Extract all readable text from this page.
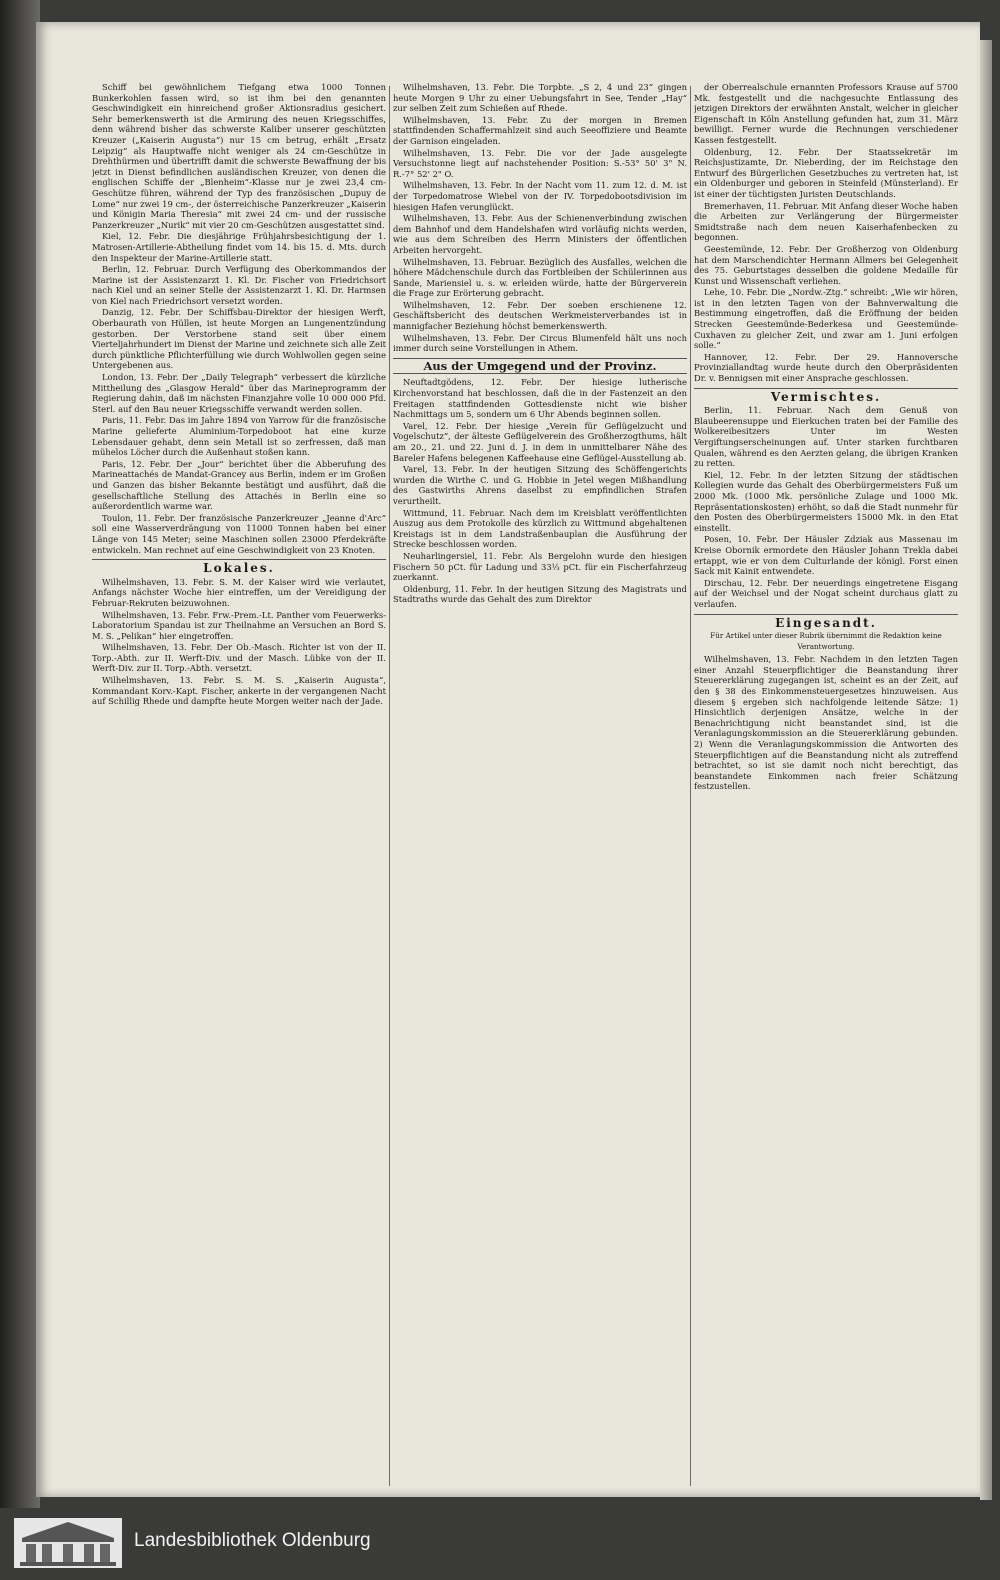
Schiff bei gewöhnlichem Tiefgang etwa 1000 Tonnen Bunkerkohlen fassen wird, so ist ihm bei den genannten Geschwindigkeit ein hinreichend großer Aktionsradius gesichert. Sehr bemerkenswerth ist die Armirung des neuen Kriegsschiffes, denn während bisher das schwerste Kaliber unserer geschützten Kreuzer („Kaiserin Augusta“) nur 15 cm betrug, erhält „Ersatz Leipzig“ als Hauptwaffe nicht weniger als 24 cm-Geschütze in Drehthürmen und übertrifft damit die schwerste Bewaffnung der bis jetzt in Dienst befindlichen ausländischen Kreuzer, von denen die englischen Schiffe der „Blenheim“-Klasse nur je zwei 23,4 cm-Geschütze führen, während der Typ des französischen „Dupuy de Lome“ nur zwei 19 cm-, der österreichische Panzerkreuzer „Kaiserin und Königin Maria Theresia“ mit zwei 24 cm- und der russische Panzerkreuzer „Nurik“ mit vier 20 cm-Geschützen ausgestattet sind.

Kiel, 12. Febr. Die diesjährige Frühjahrsbesichtigung der 1. Matrosen-Artillerie-Abtheilung findet vom 14. bis 15. d. Mts. durch den Inspekteur der Marine-Artillerie statt.

Berlin, 12. Februar. Durch Verfügung des Oberkommandos der Marine ist der Assistenzarzt 1. Kl. Dr. Fischer von Friedrichsort nach Kiel und an seiner Stelle der Assistenzarzt 1. Kl. Dr. Harmsen von Kiel nach Friedrichsort versetzt worden.

Danzig, 12. Febr. Der Schiffsbau-Direktor der hiesigen Werft, Oberbaurath von Hüllen, ist heute Morgen an Lungenentzündung gestorben. Der Verstorbene stand seit über einem Vierteljahrhundert im Dienst der Marine und zeichnete sich alle Zeit durch pünktliche Pflichterfüllung wie durch Wohlwollen gegen seine Untergebenen aus.

London, 13. Febr. Der „Daily Telegraph“ verbessert die kürzliche Mittheilung des „Glasgow Herald“ über das Marineprogramm der Regierung dahin, daß im nächsten Finanzjahre volle 10 000 000 Pfd. Sterl. auf den Bau neuer Kriegsschiffe verwandt werden sollen.

Paris, 11. Febr. Das im Jahre 1894 von Yarrow für die französische Marine gelieferte Aluminium-Torpedoboot hat eine kurze Lebensdauer gehabt, denn sein Metall ist so zerfressen, daß man mühelos Löcher durch die Außenhaut stoßen kann.

Paris, 12. Febr. Der „Jour“ berichtet über die Abberufung des Marineattachés de Mandat-Grancey aus Berlin, indem er im Großen und Ganzen das bisher Bekannte bestätigt und ausführt, daß die gesellschaftliche Stellung des Attachés in Berlin eine so außerordentlich warme war.

Toulon, 11. Febr. Der französische Panzerkreuzer „Jeanne d'Arc“ soll eine Wasserverdrängung von 11000 Tonnen haben bei einer Länge von 145 Meter; seine Maschinen sollen 23000 Pferdekräfte entwickeln. Man rechnet auf eine Geschwindigkeit von 23 Knoten.

Lokales.

Wilhelmshaven, 13. Febr. S. M. der Kaiser wird wie verlautet, Anfangs nächster Woche hier eintreffen, um der Vereidigung der Februar-Rekruten beizuwohnen.

Wilhelmshaven, 13. Febr. Frw.-Prem.-Lt. Panther vom Feuerwerks-Laboratorium Spandau ist zur Theilnahme an Versuchen an Bord S. M. S. „Pelikan“ hier eingetroffen.

Wilhelmshaven, 13. Febr. Der Ob.-Masch. Richter ist von der II. Torp.-Abth. zur II. Werft-Div. und der Masch. Lübke von der II. Werft-Div. zur II. Torp.-Abth. versetzt.

Wilhelmshaven, 13. Febr. S. M. S. „Kaiserin Augusta“, Kommandant Korv.-Kapt. Fischer, ankerte in der vergangenen Nacht auf Schillig Rhede und dampfte heute Morgen weiter nach der Jade.

Wilhelmshaven, 13. Febr. Die Torpbte. „S 2, 4 und 23“ gingen heute Morgen 9 Uhr zu einer Uebungsfahrt in See, Tender „Hay“ zur selben Zeit zum Schießen auf Rhede.

Wilhelmshaven, 13. Febr. Zu der morgen in Bremen stattfindenden Schaffermahlzeit sind auch Seeoffiziere und Beamte der Garnison eingeladen.

Wilhelmshaven, 13. Febr. Die vor der Jade ausgelegte Versuchstonne liegt auf nachstehender Position: S.-53° 50' 3" N. R.-7° 52' 2" O.

Wilhelmshaven, 13. Febr. In der Nacht vom 11. zum 12. d. M. ist der Torpedomatrose Wiebel von der IV. Torpedobootsdivision im hiesigen Hafen verunglückt.

Wilhelmshaven, 13. Febr. Aus der Schienenverbindung zwischen dem Bahnhof und dem Handelshafen wird vorläufig nichts werden, wie aus dem Schreiben des Herrn Ministers der öffentlichen Arbeiten hervorgeht.

Wilhelmshaven, 13. Februar. Bezüglich des Ausfalles, welchen die höhere Mädchenschule durch das Fortbleiben der Schülerinnen aus Sande, Mariensiel u. s. w. erleiden würde, hatte der Bürgerverein die Frage zur Erörterung gebracht.

Wilhelmshaven, 12. Febr. Der soeben erschienene 12. Geschäftsbericht des deutschen Werkmeisterverbandes ist in mannigfacher Beziehung höchst bemerkenswerth.

Wilhelmshaven, 13. Febr. Der Circus Blumenfeld hält uns noch immer durch seine Vorstellungen in Athem.

Aus der Umgegend und der Provinz.

Neuftadtgödens, 12. Febr. Der hiesige lutherische Kirchenvorstand hat beschlossen, daß die in der Fastenzeit an den Freitagen stattfindenden Gottesdienste nicht wie bisher Nachmittags um 5, sondern um 6 Uhr Abends beginnen sollen.

Varel, 12. Febr. Der hiesige „Verein für Geflügelzucht und Vogelschutz“, der älteste Geflügelverein des Großherzogthums, hält am 20., 21. und 22. Juni d. J. in dem in unmittelbarer Nähe des Bareler Hafens belegenen Kaffeehause eine Geflügel-Ausstellung ab.

Varel, 13. Febr. In der heutigen Sitzung des Schöffengerichts wurden die Wirthe C. und G. Hobbie in Jetel wegen Mißhandlung des Gastwirths Ahrens daselbst zu empfindlichen Strafen verurtheilt.

Wittmund, 11. Februar. Nach dem im Kreisblatt veröffentlichten Auszug aus dem Protokolle des kürzlich zu Wittmund abgehaltenen Kreistags ist in dem Landstraßenbauplan die Ausführung der Strecke beschlossen worden.

Neuharlingersiel, 11. Febr. Als Bergelohn wurde den hiesigen Fischern 50 pCt. für Ladung und 33⅓ pCt. für ein Fischerfahrzeug zuerkannt.

Oldenburg, 11. Febr. In der heutigen Sitzung des Magistrats und Stadtraths wurde das Gehalt des zum Direktor

der Oberrealschule ernannten Professors Krause auf 5700 Mk. festgestellt und die nachgesuchte Entlassung des jetzigen Direktors der erwähnten Anstalt, welcher in gleicher Eigenschaft in Köln Anstellung gefunden hat, zum 31. März bewilligt. Ferner wurde die Rechnungen verschiedener Kassen festgestellt.

Oldenburg, 12. Febr. Der Staatssekretär im Reichsjustizamte, Dr. Nieberding, der im Reichstage den Entwurf des Bürgerlichen Gesetzbuches zu vertreten hat, ist ein Oldenburger und geboren in Steinfeld (Münsterland). Er ist einer der tüchtigsten Juristen Deutschlands.

Bremerhaven, 11. Februar. Mit Anfang dieser Woche haben die Arbeiten zur Verlängerung der Bürgermeister Smidtstraße nach dem neuen Kaiserhafenbecken zu begonnen.

Geestemünde, 12. Febr. Der Großherzog von Oldenburg hat dem Marschendichter Hermann Allmers bei Gelegenheit des 75. Geburtstages desselben die goldene Medaille für Kunst und Wissenschaft verliehen.

Lehe, 10. Febr. Die „Nordw.-Ztg.“ schreibt: „Wie wir hören, ist in den letzten Tagen von der Bahnverwaltung die Bestimmung eingetroffen, daß die Eröffnung der beiden Strecken Geestemünde-Bederkesa und Geestemünde-Cuxhaven zu gleicher Zeit, und zwar am 1. Juni erfolgen solle.“

Hannover, 12. Febr. Der 29. Hannoversche Provinziallandtag wurde heute durch den Oberpräsidenten Dr. v. Bennigsen mit einer Ansprache geschlossen.

Vermischtes.

Berlin, 11. Februar. Nach dem Genuß von Blaubeerensuppe und Eierkuchen traten bei der Familie des Wolkereibesitzers Unter im Westen Vergiftungserscheinungen auf. Unter starken furchtbaren Qualen, während es den Aerzten gelang, die übrigen Kranken zu retten.

Kiel, 12. Febr. In der letzten Sitzung der städtischen Kollegien wurde das Gehalt des Oberbürgermeisters Fuß um 2000 Mk. (1000 Mk. persönliche Zulage und 1000 Mk. Repräsentationskosten) erhöht, so daß die Stadt nunmehr für den Posten des Oberbürgermeisters 15000 Mk. in den Etat einstellt.

Posen, 10. Febr. Der Häusler Zdziak aus Massenau im Kreise Obornik ermordete den Häusler Johann Trekla dabei ertappt, wie er von dem Culturlande der königl. Forst einen Sack mit Kainit entwendete.

Dirschau, 12. Febr. Der neuerdings eingetretene Eisgang auf der Weichsel und der Nogat scheint durchaus glatt zu verlaufen.

Eingesandt.
Für Artikel unter dieser Rubrik übernimmt die Redaktion keine Verantwortung.

Wilhelmshaven, 13. Febr. Nachdem in den letzten Tagen einer Anzahl Steuerpflichtiger die Beanstandung ihrer Steuererklärung zugegangen ist, scheint es an der Zeit, auf den § 38 des Einkommensteuergesetzes hinzuweisen. Aus diesem § ergeben sich nachfolgende leitende Sätze: 1) Hinsichtlich derjenigen Ansätze, welche in der Benachrichtigung nicht beanstandet sind, ist die Veranlagungskommission an die Steuererklärung gebunden. 2) Wenn die Veranlagungskommission die Antworten des Steuerpflichtigen auf die Beanstandung nicht als zutreffend betrachtet, so ist sie damit noch nicht berechtigt, das beanstandete Einkommen nach freier Schätzung festzustellen.

Landesbibliothek Oldenburg
